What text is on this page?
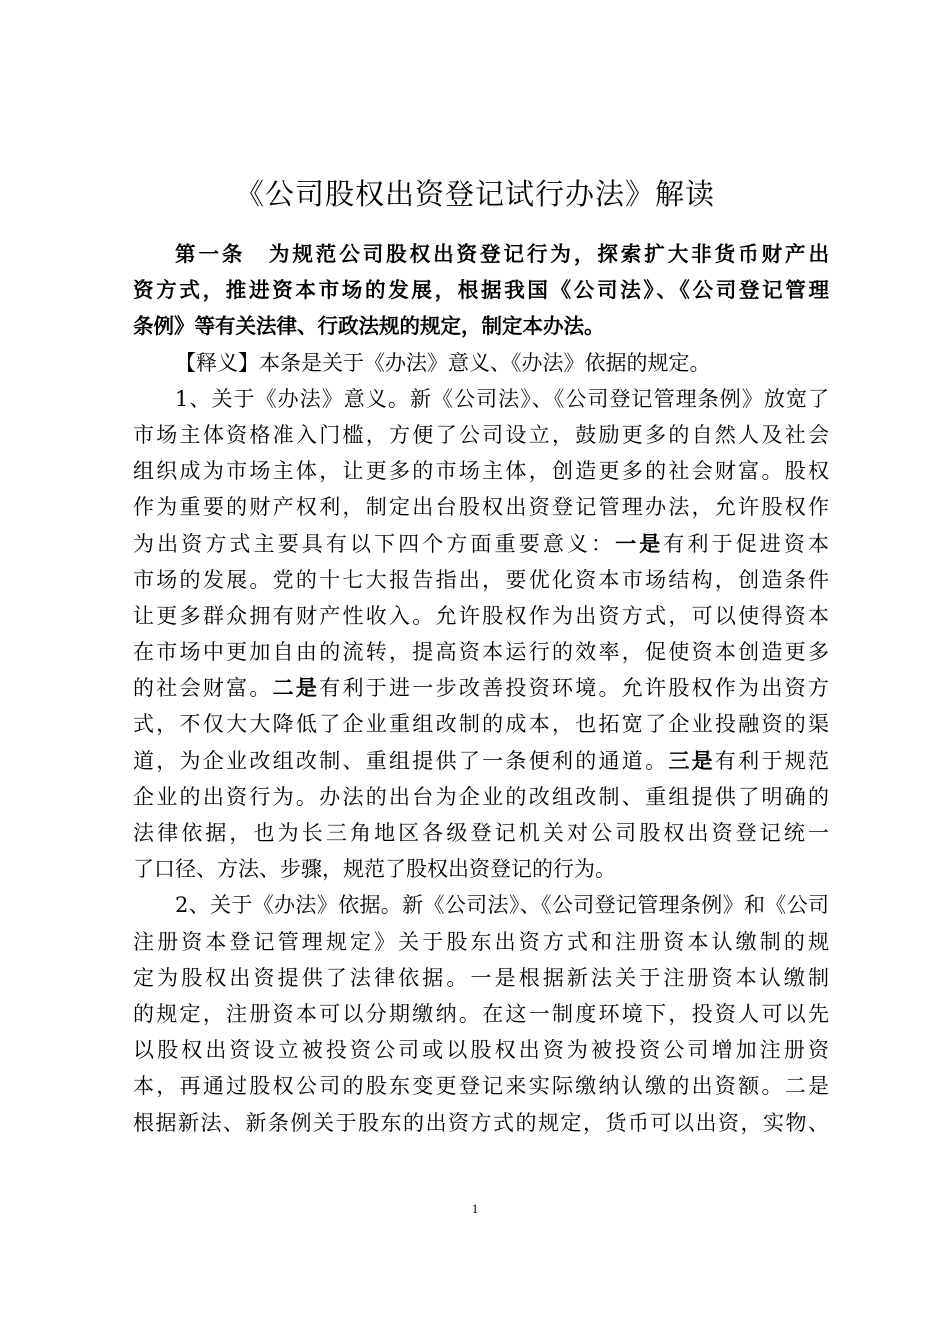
《公司股权出资登记试行办法》解读
第一条　为规范公司股权出资登记行为，探索扩大非货币财产出
资方式，推进资本市场的发展，根据我国《公司法》、《公司登记管理
条例》等有关法律、行政法规的规定，制定本办法。
【释义】本条是关于《办法》意义、《办法》依据的规定。
1、关于《办法》意义。新《公司法》、《公司登记管理条例》放宽了
市场主体资格准入门槛，方便了公司设立，鼓励更多的自然人及社会
组织成为市场主体，让更多的市场主体，创造更多的社会财富。股权
作为重要的财产权利，制定出台股权出资登记管理办法，允许股权作
为出资方式主要具有以下四个方面重要意义：一是有利于促进资本
市场的发展。党的十七大报告指出，要优化资本市场结构，创造条件
让更多群众拥有财产性收入。允许股权作为出资方式，可以使得资本
在市场中更加自由的流转，提高资本运行的效率，促使资本创造更多
的社会财富。二是有利于进一步改善投资环境。允许股权作为出资方
式，不仅大大降低了企业重组改制的成本，也拓宽了企业投融资的渠
道，为企业改组改制、重组提供了一条便利的通道。三是有利于规范
企业的出资行为。办法的出台为企业的改组改制、重组提供了明确的
法律依据，也为长三角地区各级登记机关对公司股权出资登记统一
了口径、方法、步骤，规范了股权出资登记的行为。
2、关于《办法》依据。新《公司法》、《公司登记管理条例》和《公司
注册资本登记管理规定》关于股东出资方式和注册资本认缴制的规
定为股权出资提供了法律依据。一是根据新法关于注册资本认缴制
的规定，注册资本可以分期缴纳。在这一制度环境下，投资人可以先
以股权出资设立被投资公司或以股权出资为被投资公司增加注册资
本，再通过股权公司的股东变更登记来实际缴纳认缴的出资额。二是
根据新法、新条例关于股东的出资方式的规定，货币可以出资，实物、
1
